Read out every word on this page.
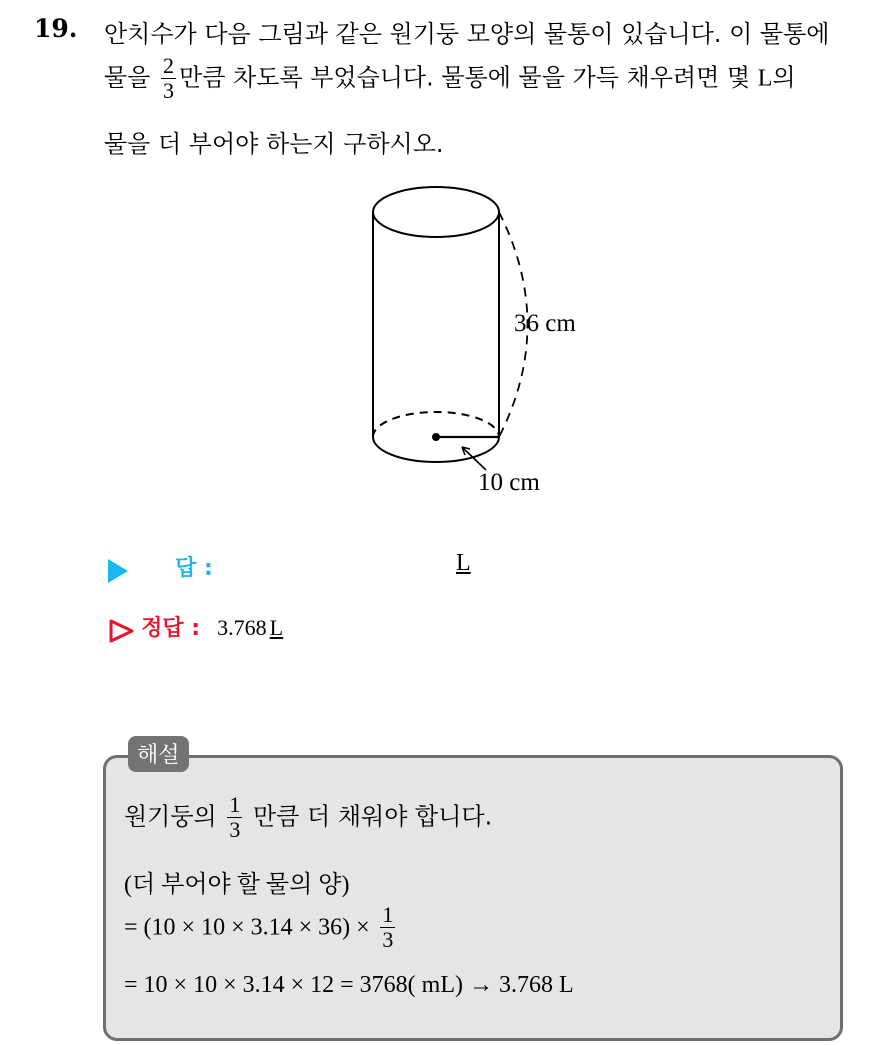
19. 안치수가 다음 그림과 같은 원기둥 모양의 물통이 있습니다. 이 물통에
물을 $\frac{2}{3}$ 만큼 차도록 부었습니다. 물통에 물을 가득 채우려면 몇 L의
물을 더 부어야 하는지 구하시오.
36 cm
10 cm
답 :	L
정답 : 3.768 L
해설
원기둥의 $\frac{1}{3}$ 만큼 더 채워야 합니다.
(더 부어야 할 물의 양)
= $(10 \times 10 \times 3.14 \times 36) \times \frac{1}{3}$
= 10 × 10 × 3.14 × 12 = 3768( mL) → 3.768 L
